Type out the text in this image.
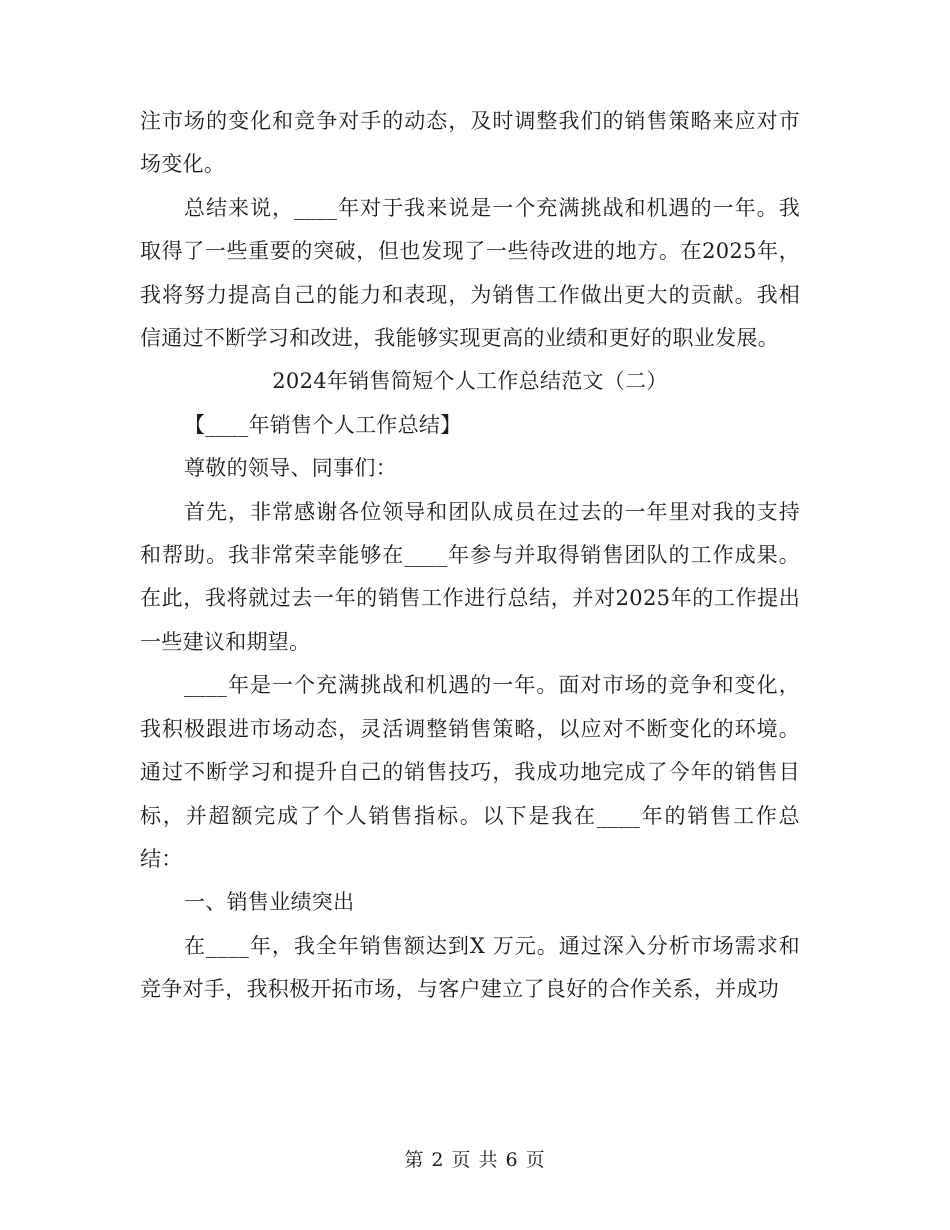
注市场的变化和竞争对手的动态，及时调整我们的销售策略来应对市场变化。

总结来说，____年对于我来说是一个充满挑战和机遇的一年。我取得了一些重要的突破，但也发现了一些待改进的地方。在2025年，我将努力提高自己的能力和表现，为销售工作做出更大的贡献。我相信通过不断学习和改进，我能够实现更高的业绩和更好的职业发展。

2024年销售简短个人工作总结范文（二）

【____年销售个人工作总结】

尊敬的领导、同事们：

首先，非常感谢各位领导和团队成员在过去的一年里对我的支持和帮助。我非常荣幸能够在____年参与并取得销售团队的工作成果。在此，我将就过去一年的销售工作进行总结，并对2025年的工作提出一些建议和期望。

____年是一个充满挑战和机遇的一年。面对市场的竞争和变化，我积极跟进市场动态，灵活调整销售策略，以应对不断变化的环境。通过不断学习和提升自己的销售技巧，我成功地完成了今年的销售目标，并超额完成了个人销售指标。以下是我在____年的销售工作总结：

一、销售业绩突出

在____年，我全年销售额达到X 万元。通过深入分析市场需求和竞争对手，我积极开拓市场，与客户建立了良好的合作关系，并成功

第 2 页 共 6 页
